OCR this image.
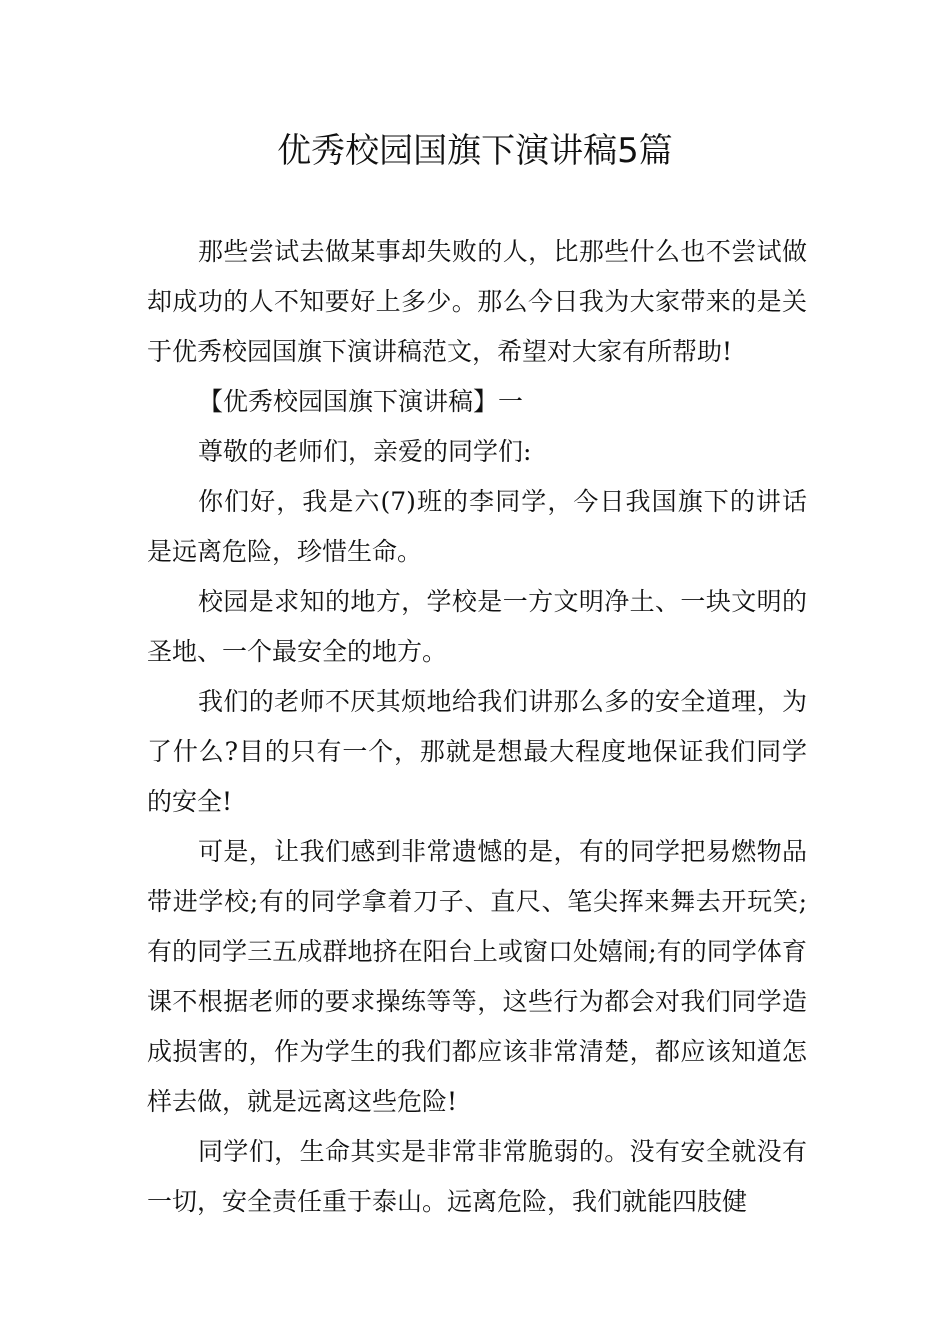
优秀校园国旗下演讲稿5篇

那些尝试去做某事却失败的人，比那些什么也不尝试做却成功的人不知要好上多少。那么今日我为大家带来的是关于优秀校园国旗下演讲稿范文，希望对大家有所帮助!

【优秀校园国旗下演讲稿】一

尊敬的老师们，亲爱的同学们:

你们好，我是六(7)班的李同学，今日我国旗下的讲话是远离危险，珍惜生命。

校园是求知的地方，学校是一方文明净土、一块文明的圣地、一个最安全的地方。

我们的老师不厌其烦地给我们讲那么多的安全道理，为了什么?目的只有一个，那就是想最大程度地保证我们同学的安全!

可是，让我们感到非常遗憾的是，有的同学把易燃物品带进学校;有的同学拿着刀子、直尺、笔尖挥来舞去开玩笑;有的同学三五成群地挤在阳台上或窗口处嬉闹;有的同学体育课不根据老师的要求操练等等，这些行为都会对我们同学造成损害的，作为学生的我们都应该非常清楚，都应该知道怎样去做，就是远离这些危险!

同学们，生命其实是非常非常脆弱的。没有安全就没有一切，安全责任重于泰山。远离危险，我们就能四肢健
